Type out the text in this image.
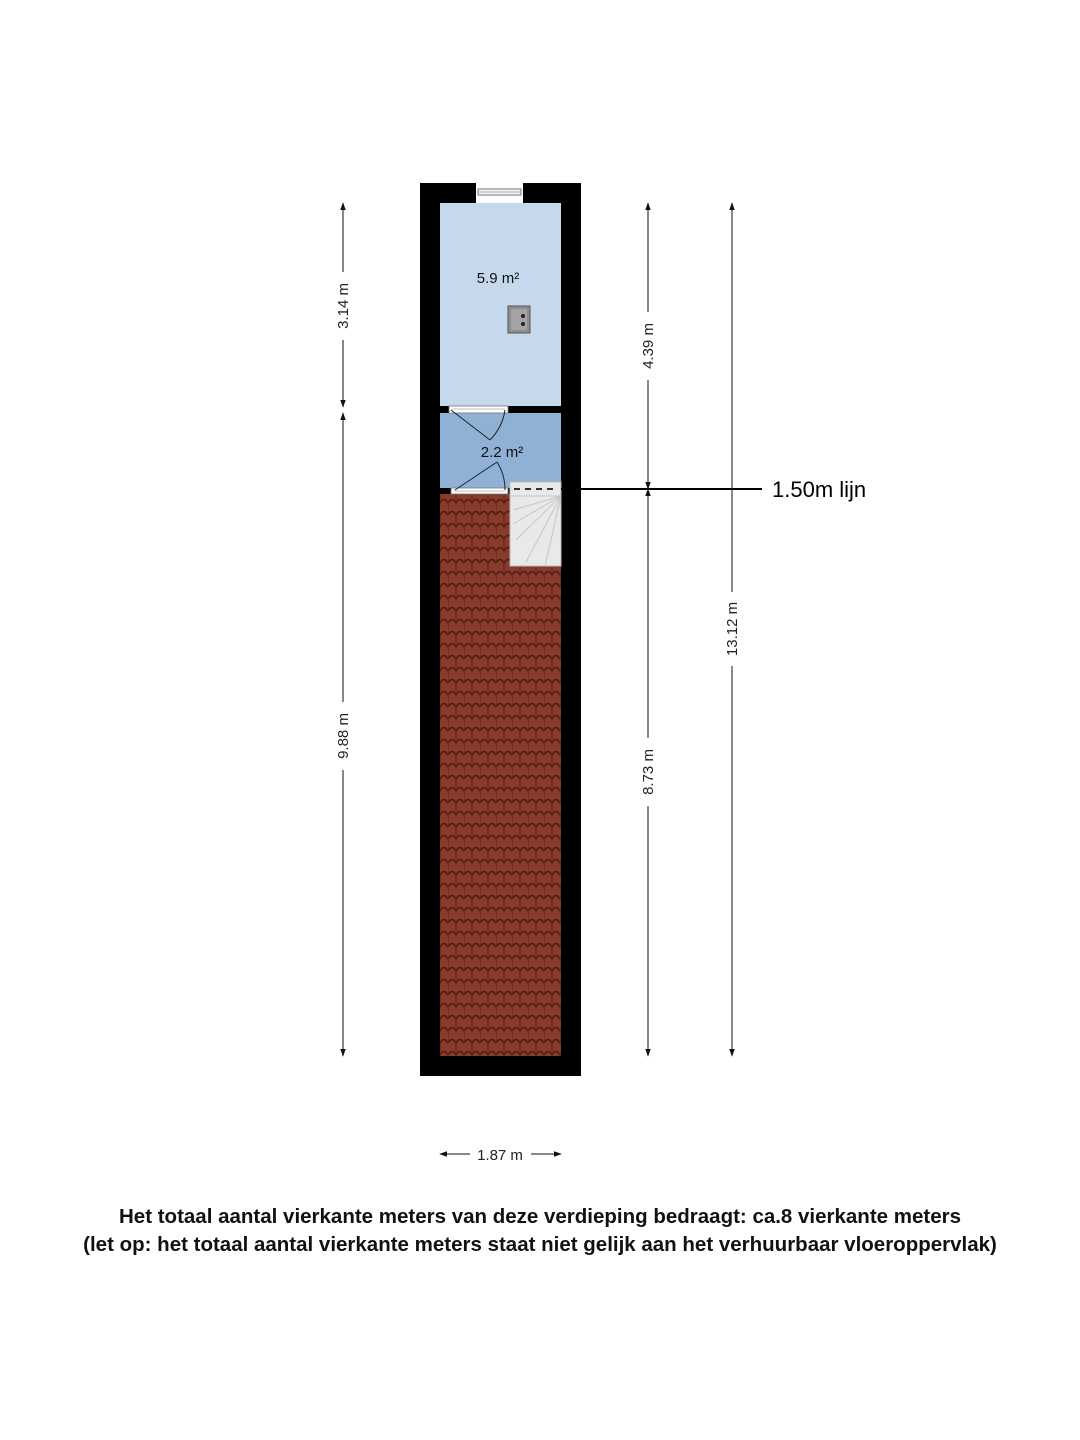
1.50m lijn
5.9 m²
2.2 m²
3.14 m
9.88 m
4.39 m
8.73 m
13.12 m
1.87 m
Het totaal aantal vierkante meters van deze verdieping bedraagt: ca.8 vierkante meters
(let op: het totaal aantal vierkante meters staat niet gelijk aan het verhuurbaar vloeroppervlak)
